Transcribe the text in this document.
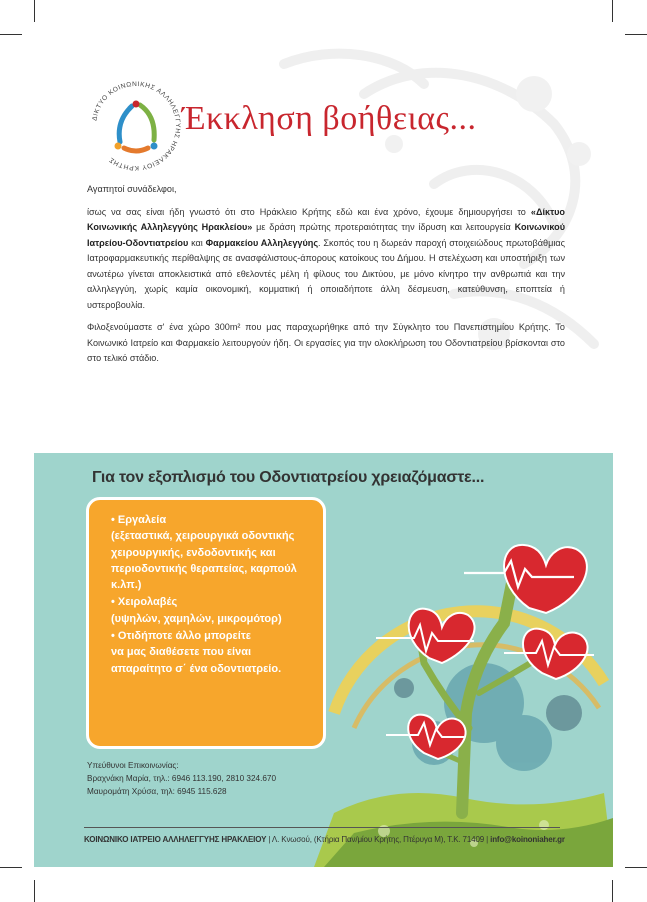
ΔΙΚΤΥΟ ΚΟΙΝΩΝΙΚΗΣ ΑΛΛΗΛΕΓΓΥΗΣ ΗΡΑΚΛΕΙΟΥ ΚΡΗΤΗΣ
Έκκληση βοήθειας...

Αγαπητοί συνάδελφοι,

ίσως να σας είναι ήδη γνωστό ότι στο Ηράκλειο Κρήτης εδώ και ένα χρόνο, έχουμε δημιουργήσει το «Δίκτυο Κοινωνικής Αλληλεγγύης Ηρακλείου» με δράση πρώτης προτεραιότητας την ίδρυση και λειτουργεία Κοινωνικού Ιατρείου-Οδοντιατρείου και Φαρμακείου Αλληλεγγύης. Σκοπός του η δωρεάν παροχή στοιχειώδους πρωτοβάθμιας Ιατροφαρμακευτικής περίθαλψης σε ανασφάλιστους-άπορους κατοίκους του Δήμου. Η στελέχωση και υποστήριξη των ανωτέρω γίνεται αποκλειστικά από εθελοντές μέλη ή φίλους του Δικτύου, με μόνο κίνητρο την ανθρωπιά και την αλληλεγγύη, χωρίς καμία οικονομική, κομματική ή οποιαδήποτε άλλη δέσμευση, κατεύθυνση, εποπτεία ή υστεροβουλία.

Φιλοξενούμαστε σ' ένα χώρο 300m² που μας παραχωρήθηκε από την Σύγκλητο του Πανεπιστημίου Κρήτης. Το Κοινωνικό Ιατρείο και Φαρμακείο λειτουργούν ήδη. Οι εργασίες για την ολοκλήρωση του Οδοντιατρείου βρίσκονται στο στο τελικό στάδιο.

Για τον εξοπλισμό του Οδοντιατρείου χρειαζόμαστε...
• Εργαλεία
(εξεταστικά, χειρουργικά οδοντικής χειρουργικής, ενδοδοντικής και περιοδοντικής θεραπείας, καρπούλ κ.λπ.)
• Χειρολαβές
(υψηλών, χαμηλών, μικρομότορ)
• Οτιδήποτε άλλο μπορείτε
να μας διαθέσετε που είναι απαραίτητο σ΄ ένα οδοντιατρείο.
Υπεύθυνοι Επικοινωνίας:
Βραχνάκη Μαρία, τηλ.: 6946 113.190, 2810 324.670
Μαυρομάτη Χρύσα, τηλ: 6945 115.628
ΚΟΙΝΩΝΙΚΟ ΙΑΤΡΕΙΟ ΑΛΛΗΛΕΓΓΥΗΣ ΗΡΑΚΛΕΙΟΥ | Λ. Κνωσού, (Κτήρια Παν/μίου Κρήτης, Πτέρυγα Μ), Τ.Κ. 71409 | info@koinoniaher.gr
